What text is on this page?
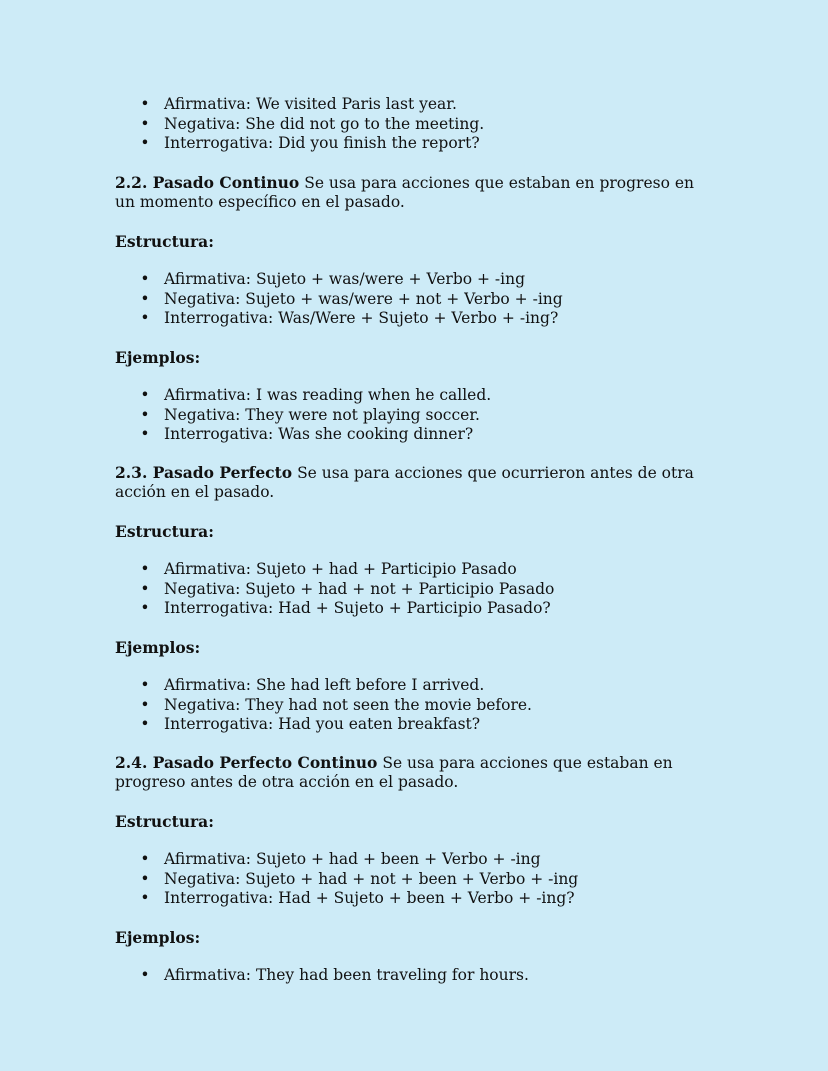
• Afirmativa: We visited Paris last year.
• Negativa: She did not go to the meeting.
• Interrogativa: Did you finish the report?

2.2. Pasado Continuo Se usa para acciones que estaban en progreso en un momento específico en el pasado.

Estructura:

• Afirmativa: Sujeto + was/were + Verbo + -ing
• Negativa: Sujeto + was/were + not + Verbo + -ing
• Interrogativa: Was/Were + Sujeto + Verbo + -ing?

Ejemplos:

• Afirmativa: I was reading when he called.
• Negativa: They were not playing soccer.
• Interrogativa: Was she cooking dinner?

2.3. Pasado Perfecto Se usa para acciones que ocurrieron antes de otra acción en el pasado.

Estructura:

• Afirmativa: Sujeto + had + Participio Pasado
• Negativa: Sujeto + had + not + Participio Pasado
• Interrogativa: Had + Sujeto + Participio Pasado?

Ejemplos:

• Afirmativa: She had left before I arrived.
• Negativa: They had not seen the movie before.
• Interrogativa: Had you eaten breakfast?

2.4. Pasado Perfecto Continuo Se usa para acciones que estaban en progreso antes de otra acción en el pasado.

Estructura:

• Afirmativa: Sujeto + had + been + Verbo + -ing
• Negativa: Sujeto + had + not + been + Verbo + -ing
• Interrogativa: Had + Sujeto + been + Verbo + -ing?

Ejemplos:

• Afirmativa: They had been traveling for hours.
